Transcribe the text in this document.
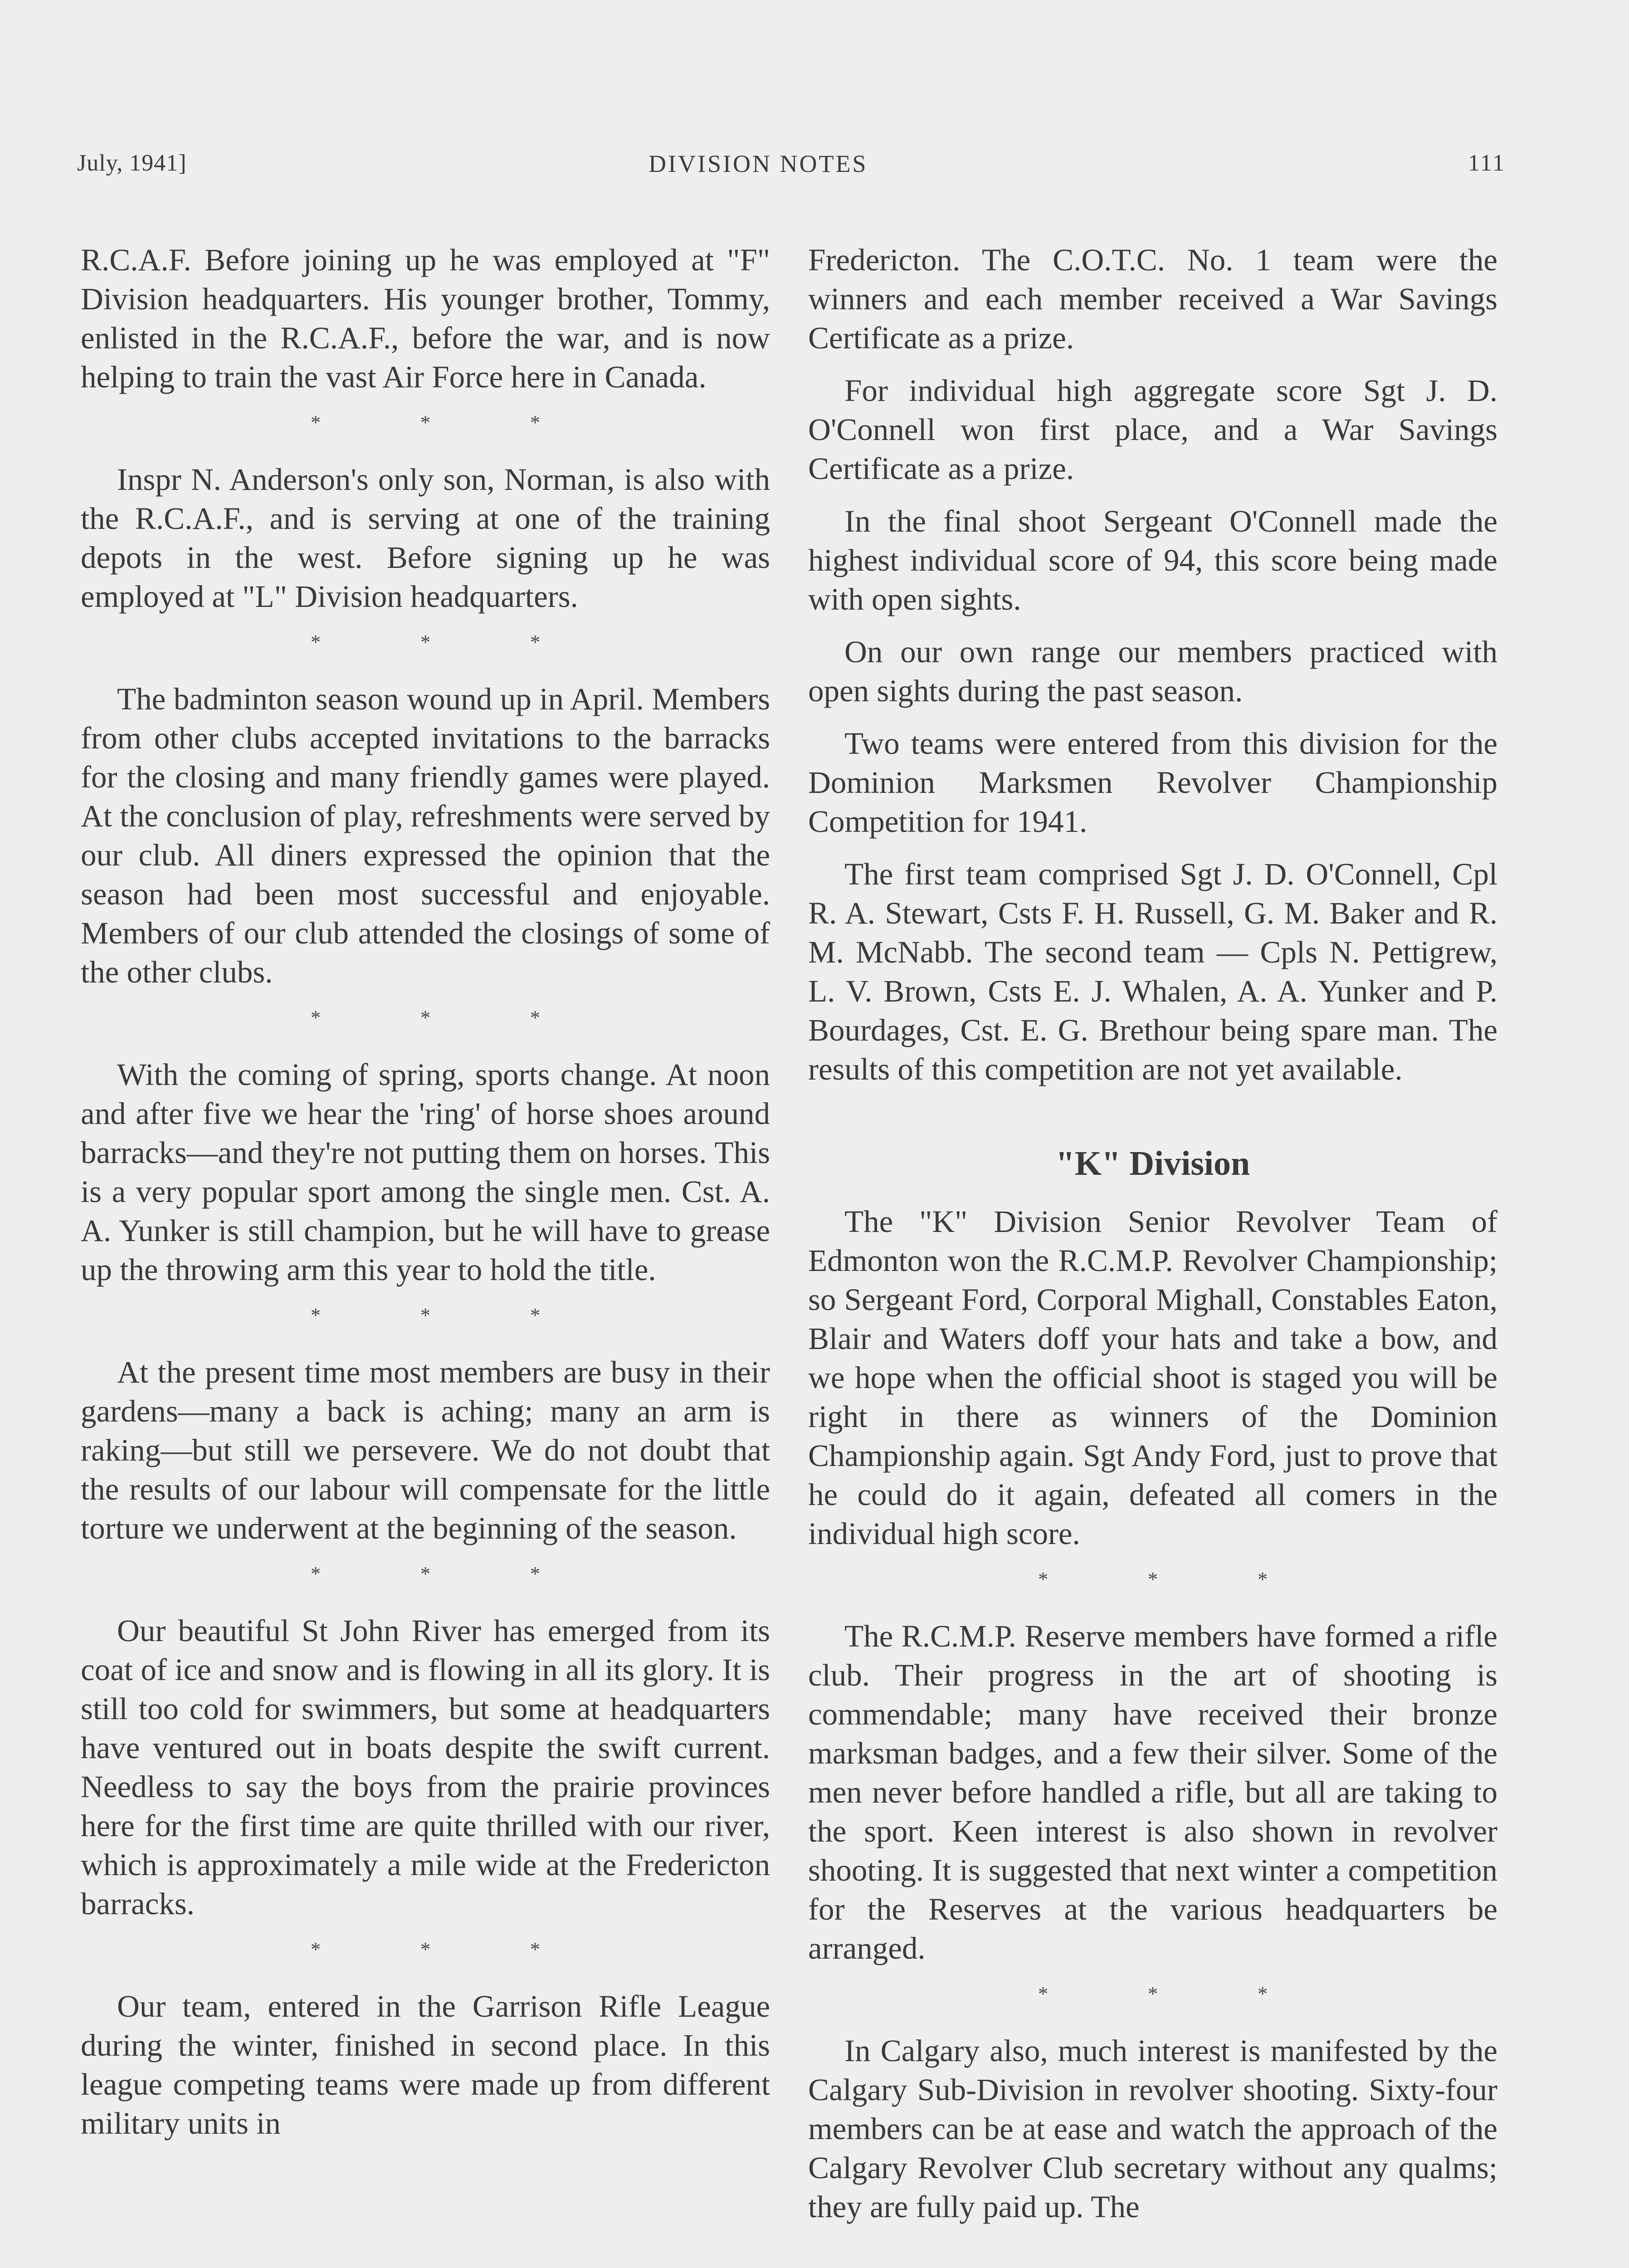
July, 1941]	DIVISION NOTES	111

R.C.A.F. Before joining up he was employed at "F" Division headquarters. His younger brother, Tommy, enlisted in the R.C.A.F., before the war, and is now helping to train the vast Air Force here in Canada.

***

Inspr N. Anderson's only son, Norman, is also with the R.C.A.F., and is serving at one of the training depots in the west. Before signing up he was employed at "L" Division headquarters.

***

The badminton season wound up in April. Members from other clubs accepted invitations to the barracks for the closing and many friendly games were played. At the conclusion of play, refreshments were served by our club. All diners expressed the opinion that the season had been most successful and enjoyable. Members of our club attended the closings of some of the other clubs.

***

With the coming of spring, sports change. At noon and after five we hear the 'ring' of horse shoes around barracks—and they're not putting them on horses. This is a very popular sport among the single men. Cst. A. A. Yunker is still champion, but he will have to grease up the throwing arm this year to hold the title.

***

At the present time most members are busy in their gardens—many a back is aching; many an arm is raking—but still we persevere. We do not doubt that the results of our labour will compensate for the little torture we underwent at the beginning of the season.

***

Our beautiful St John River has emerged from its coat of ice and snow and is flowing in all its glory. It is still too cold for swimmers, but some at headquarters have ventured out in boats despite the swift current. Needless to say the boys from the prairie provinces here for the first time are quite thrilled with our river, which is approximately a mile wide at the Fredericton barracks.

***

Our team, entered in the Garrison Rifle League during the winter, finished in second place. In this league competing teams were made up from different military units in

Fredericton. The C.O.T.C. No. 1 team were the winners and each member received a War Savings Certificate as a prize.

For individual high aggregate score Sgt J. D. O'Connell won first place, and a War Savings Certificate as a prize.

In the final shoot Sergeant O'Connell made the highest individual score of 94, this score being made with open sights.

On our own range our members practiced with open sights during the past season.

Two teams were entered from this division for the Dominion Marksmen Revolver Championship Competition for 1941.

The first team comprised Sgt J. D. O'Connell, Cpl R. A. Stewart, Csts F. H. Russell, G. M. Baker and R. M. McNabb. The second team — Cpls N. Pettigrew, L. V. Brown, Csts E. J. Whalen, A. A. Yunker and P. Bourdages, Cst. E. G. Brethour being spare man. The results of this competition are not yet available.

"K" Division

The "K" Division Senior Revolver Team of Edmonton won the R.C.M.P. Revolver Championship; so Sergeant Ford, Corporal Mighall, Constables Eaton, Blair and Waters doff your hats and take a bow, and we hope when the official shoot is staged you will be right in there as winners of the Dominion Championship again. Sgt Andy Ford, just to prove that he could do it again, defeated all comers in the individual high score.

***

The R.C.M.P. Reserve members have formed a rifle club. Their progress in the art of shooting is commendable; many have received their bronze marksman badges, and a few their silver. Some of the men never before handled a rifle, but all are taking to the sport. Keen interest is also shown in revolver shooting. It is suggested that next winter a competition for the Reserves at the various headquarters be arranged.

***

In Calgary also, much interest is manifested by the Calgary Sub-Division in revolver shooting. Sixty-four members can be at ease and watch the approach of the Calgary Revolver Club secretary without any qualms; they are fully paid up. The
